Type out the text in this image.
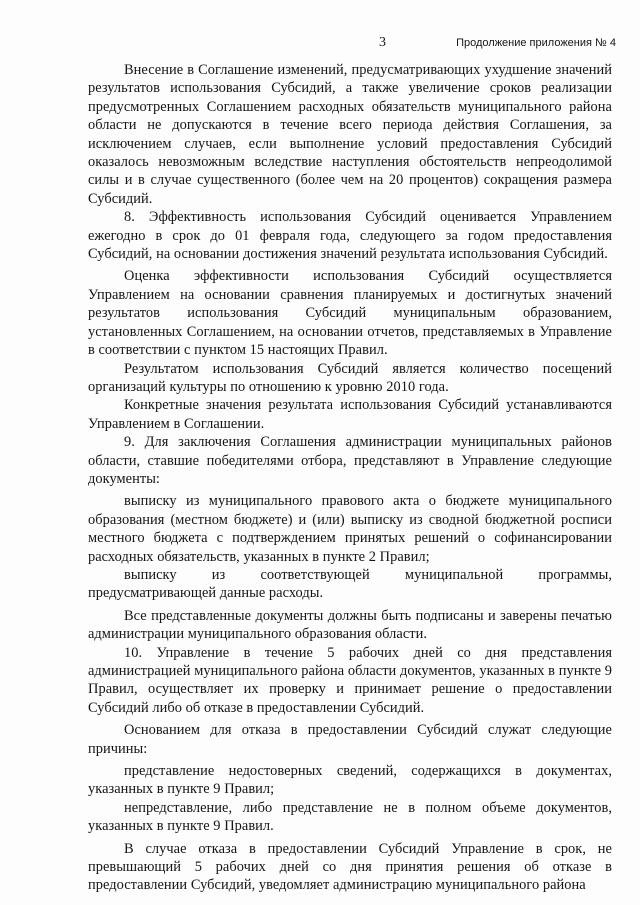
3	Продолжение приложения № 4

Внесение в Соглашение изменений, предусматривающих ухудшение значений результатов использования Субсидий, а также увеличение сроков реализации предусмотренных Соглашением расходных обязательств муниципального района области не допускаются в течение всего периода действия Соглашения, за исключением случаев, если выполнение условий предоставления Субсидий оказалось невозможным вследствие наступления обстоятельств непреодолимой силы и в случае существенного (более чем на 20 процентов) сокращения размера Субсидий.

8. Эффективность использования Субсидий оценивается Управлением ежегодно в срок до 01 февраля года, следующего за годом предоставления Субсидий, на основании достижения значений результата использования Субсидий.

Оценка эффективности использования Субсидий осуществляется Управлением на основании сравнения планируемых и достигнутых значений результатов использования Субсидий муниципальным образованием, установленных Соглашением, на основании отчетов, представляемых в Управление в соответствии с пунктом 15 настоящих Правил.

Результатом использования Субсидий является количество посещений организаций культуры по отношению к уровню 2010 года.

Конкретные значения результата использования Субсидий устанавливаются Управлением в Соглашении.

9. Для заключения Соглашения администрации муниципальных районов области, ставшие победителями отбора, представляют в Управление следующие документы:

выписку из муниципального правового акта о бюджете муниципального образования (местном бюджете) и (или) выписку из сводной бюджетной росписи местного бюджета с подтверждением принятых решений о софинансировании расходных обязательств, указанных в пункте 2 Правил;

выписку из соответствующей муниципальной программы, предусматривающей данные расходы.

Все представленные документы должны быть подписаны и заверены печатью администрации муниципального образования области.

10. Управление в течение 5 рабочих дней со дня представления администрацией муниципального района области документов, указанных в пункте 9 Правил, осуществляет их проверку и принимает решение о предоставлении Субсидий либо об отказе в предоставлении Субсидий.

Основанием для отказа в предоставлении Субсидий служат следующие причины:

представление недостоверных сведений, содержащихся в документах, указанных в пункте 9 Правил;

непредставление, либо представление не в полном объеме документов, указанных в пункте 9 Правил.

В случае отказа в предоставлении Субсидий Управление в срок, не превышающий 5 рабочих дней со дня принятия решения об отказе в предоставлении Субсидий, уведомляет администрацию муниципального района
